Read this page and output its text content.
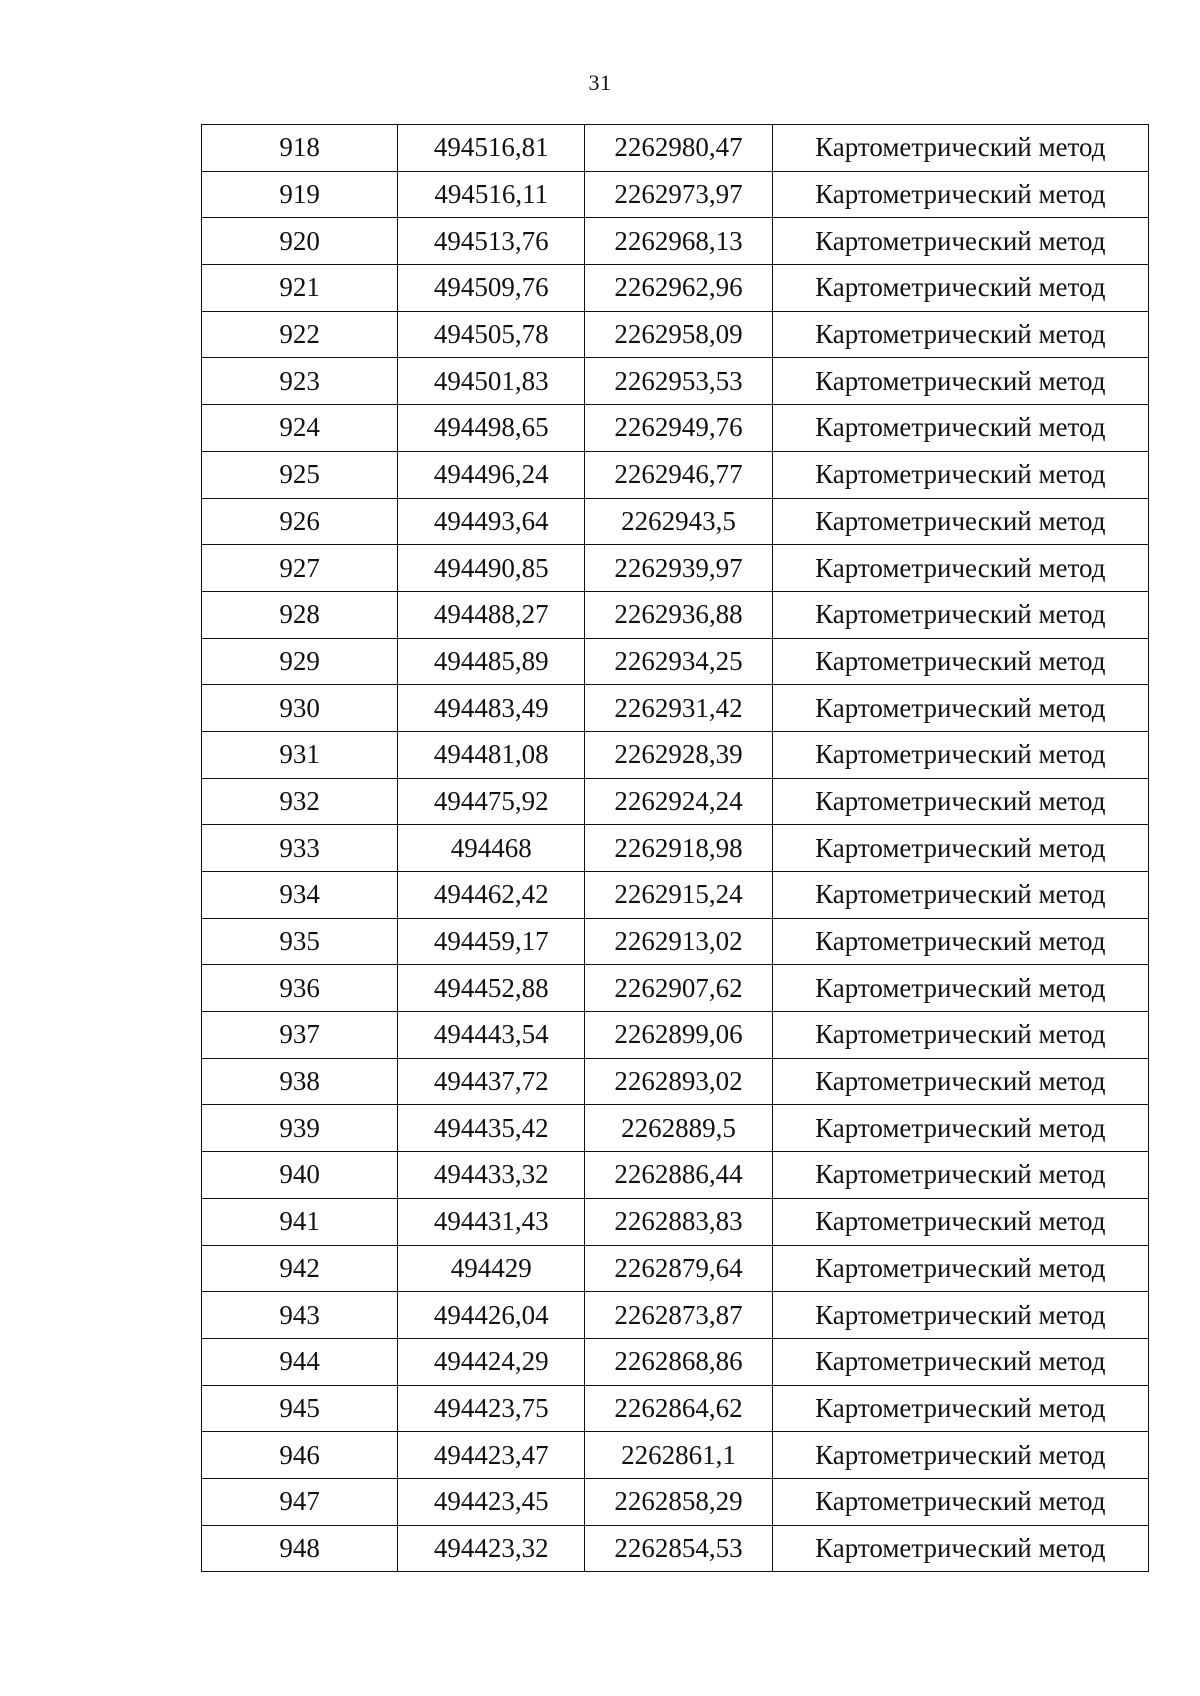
31
918	494516,81	2262980,47	Картометрический метод
919	494516,11	2262973,97	Картометрический метод
920	494513,76	2262968,13	Картометрический метод
921	494509,76	2262962,96	Картометрический метод
922	494505,78	2262958,09	Картометрический метод
923	494501,83	2262953,53	Картометрический метод
924	494498,65	2262949,76	Картометрический метод
925	494496,24	2262946,77	Картометрический метод
926	494493,64	2262943,5	Картометрический метод
927	494490,85	2262939,97	Картометрический метод
928	494488,27	2262936,88	Картометрический метод
929	494485,89	2262934,25	Картометрический метод
930	494483,49	2262931,42	Картометрический метод
931	494481,08	2262928,39	Картометрический метод
932	494475,92	2262924,24	Картометрический метод
933	494468	2262918,98	Картометрический метод
934	494462,42	2262915,24	Картометрический метод
935	494459,17	2262913,02	Картометрический метод
936	494452,88	2262907,62	Картометрический метод
937	494443,54	2262899,06	Картометрический метод
938	494437,72	2262893,02	Картометрический метод
939	494435,42	2262889,5	Картометрический метод
940	494433,32	2262886,44	Картометрический метод
941	494431,43	2262883,83	Картометрический метод
942	494429	2262879,64	Картометрический метод
943	494426,04	2262873,87	Картометрический метод
944	494424,29	2262868,86	Картометрический метод
945	494423,75	2262864,62	Картометрический метод
946	494423,47	2262861,1	Картометрический метод
947	494423,45	2262858,29	Картометрический метод
948	494423,32	2262854,53	Картометрический метод
